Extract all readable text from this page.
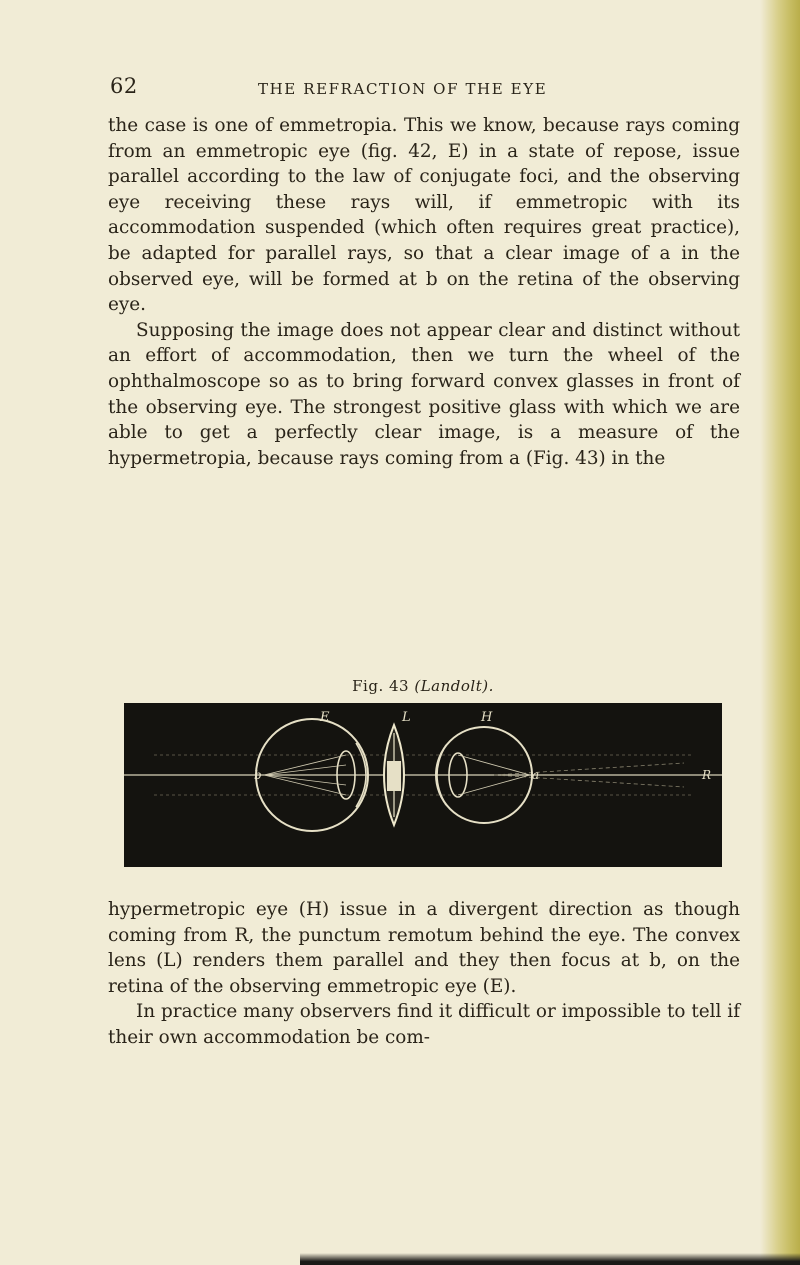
62	THE REFRACTION OF THE EYE

the case is one of emmetropia. This we know, because rays coming from an emmetropic eye (fig. 42, E) in a state of repose, issue parallel according to the law of conjugate foci, and the observing eye receiving these rays will, if emmetropic with its accommodation suspended (which often requires great practice), be adapted for parallel rays, so that a clear image of a in the observed eye, will be formed at b on the retina of the observing eye.

Supposing the image does not appear clear and distinct without an effort of accommodation, then we turn the wheel of the ophthalmoscope so as to bring forward convex glasses in front of the observing eye. The strongest positive glass with which we are able to get a perfectly clear image, is a measure of the hypermetropia, because rays coming from a (Fig. 43) in the

Fig. 43 (Landolt).
E	L	H
b	a	R

hypermetropic eye (H) issue in a divergent direction as though coming from R, the punctum remotum behind the eye. The convex lens (L) renders them parallel and they then focus at b, on the retina of the observing emmetropic eye (E).

In practice many observers find it difficult or impossible to tell if their own accommodation be com-
